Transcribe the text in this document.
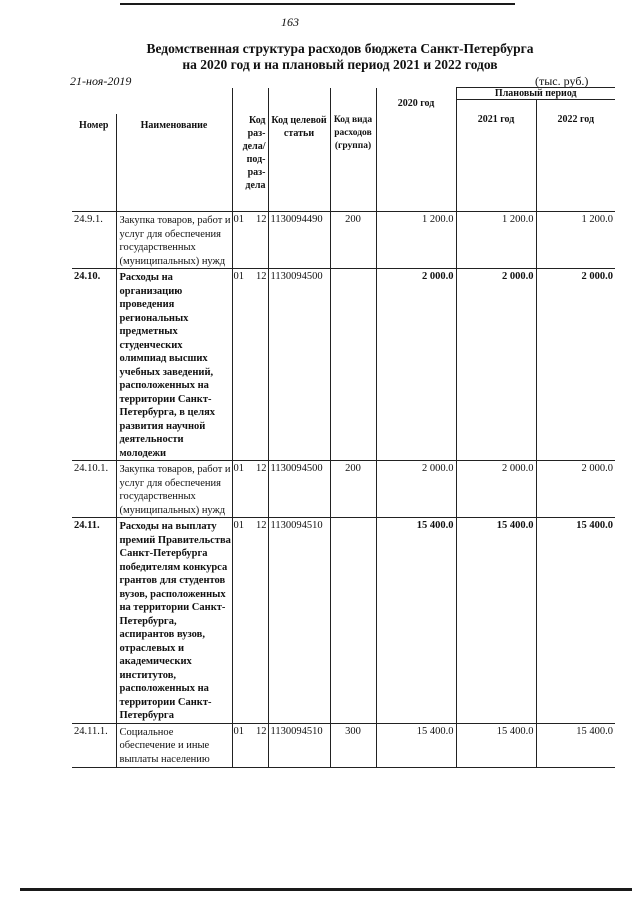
163
Ведомственная структура расходов бюджета Санкт-Петербурга
на 2020 год и на плановый период 2021 и 2022 годов
21-ноя-2019	(тыс. руб.)
						2020 год	Плановый период	

Номер	Наименование	Код раз-дела/ под-раз-дела		Код целевой статьи	Код вида расходов (группа)		2021 год	2022 год
24.9.1.	Закупка товаров, работ и услуг для обеспечения государственных (муниципальных) нужд	01	12	1130094490	200	1 200.0	1 200.0	1 200.0
24.10.	Расходы на организацию проведения региональных предметных студенческих олимпиад высших учебных заведений, расположенных на территории Санкт-Петербурга, в целях развития научной деятельности молодежи	01	12	1130094500		2 000.0	2 000.0	2 000.0
24.10.1.	Закупка товаров, работ и услуг для обеспечения государственных (муниципальных) нужд	01	12	1130094500	200	2 000.0	2 000.0	2 000.0
24.11.	Расходы на выплату премий Правительства Санкт-Петербурга победителям конкурса грантов для студентов вузов, расположенных на территории Санкт-Петербурга, аспирантов вузов, отраслевых и академических институтов, расположенных на территории Санкт-Петербурга	01	12	1130094510		15 400.0	15 400.0	15 400.0
24.11.1.	Социальное обеспечение и иные выплаты населению	01	12	1130094510	300	15 400.0	15 400.0	15 400.0
